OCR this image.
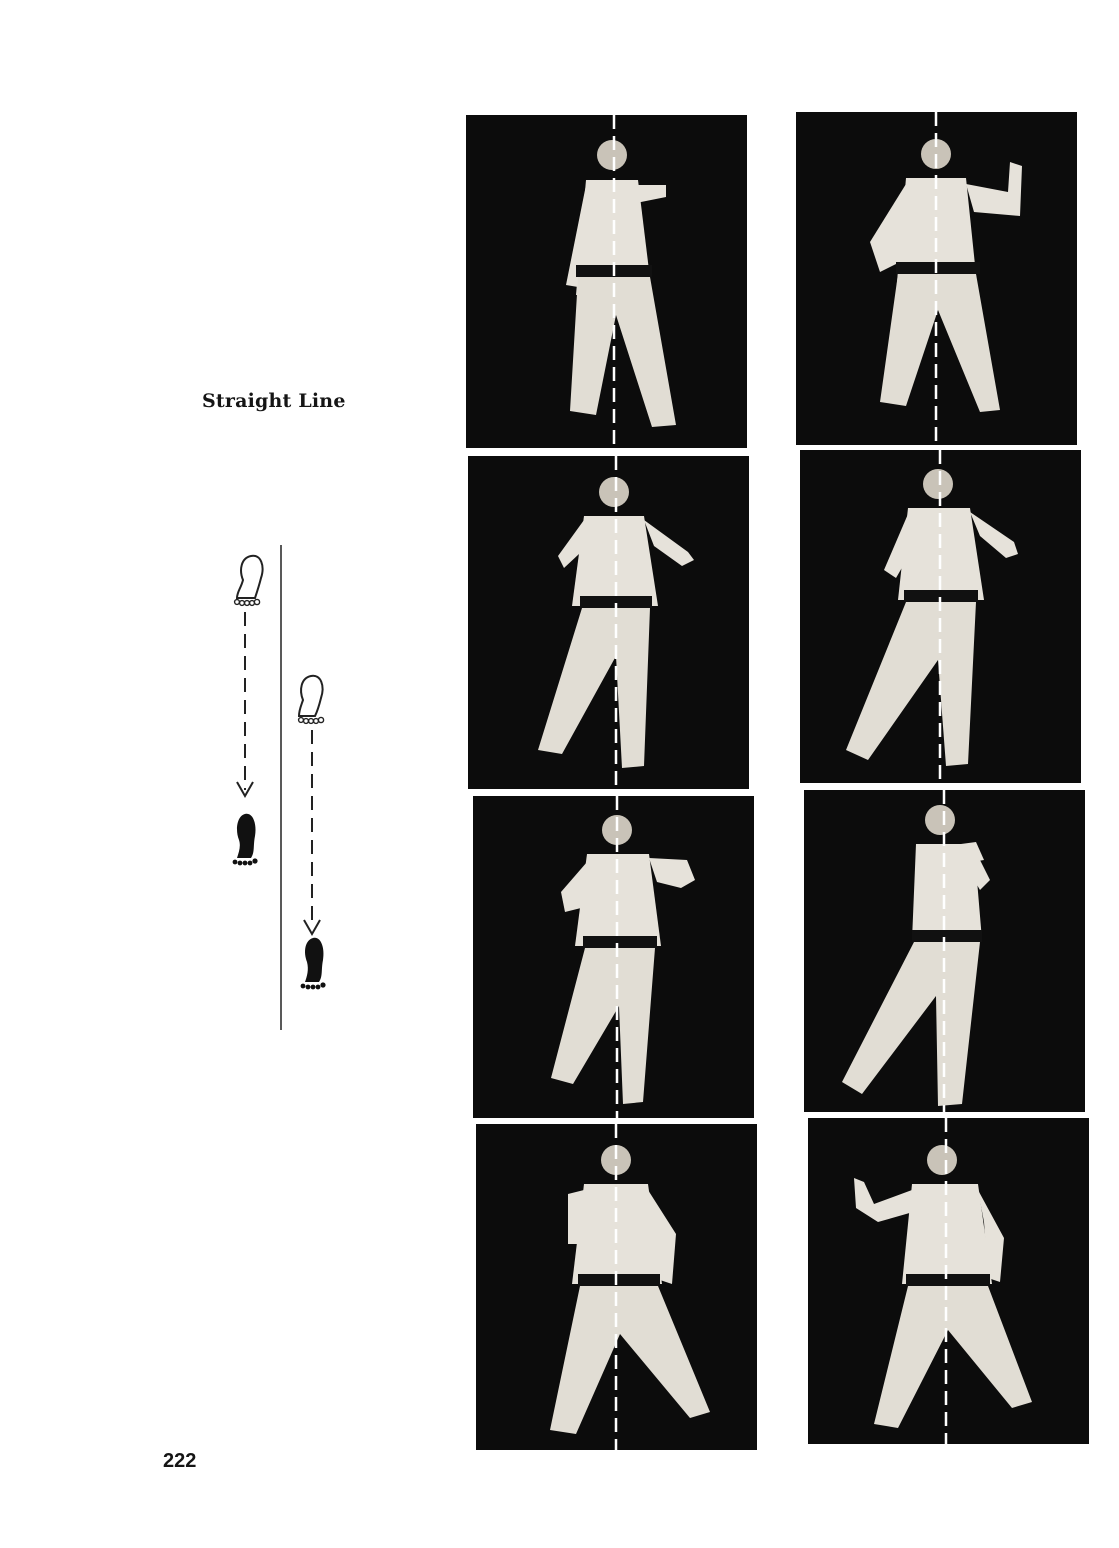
Straight Line
222
